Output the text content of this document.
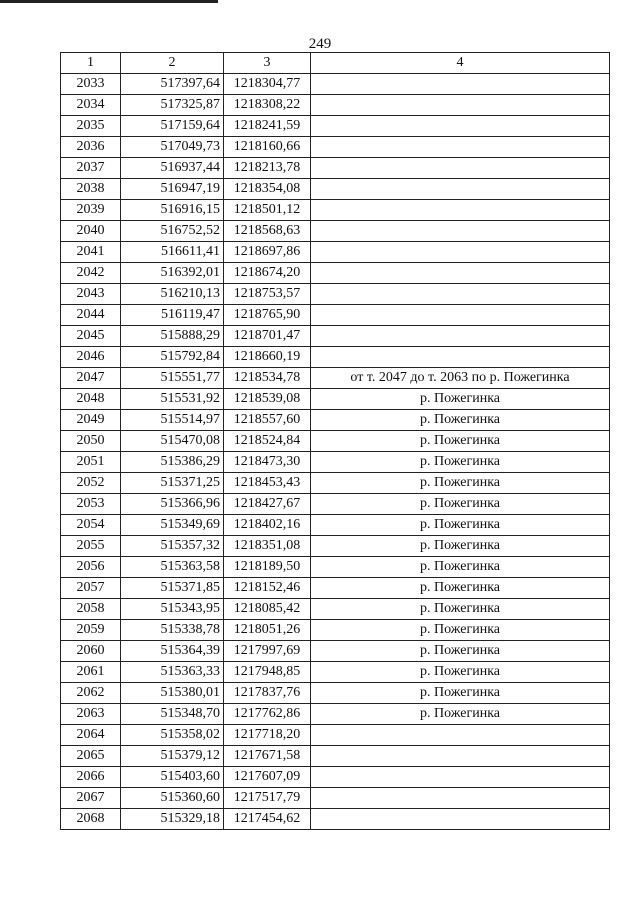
249
1	2	3	4
2033	517397,64	1218304,77	
2034	517325,87	1218308,22	
2035	517159,64	1218241,59	
2036	517049,73	1218160,66	
2037	516937,44	1218213,78	
2038	516947,19	1218354,08	
2039	516916,15	1218501,12	
2040	516752,52	1218568,63	
2041	516611,41	1218697,86	
2042	516392,01	1218674,20	
2043	516210,13	1218753,57	
2044	516119,47	1218765,90	
2045	515888,29	1218701,47	
2046	515792,84	1218660,19	
2047	515551,77	1218534,78	от т. 2047 до т. 2063 по р. Пожегинка
2048	515531,92	1218539,08	р. Пожегинка
2049	515514,97	1218557,60	р. Пожегинка
2050	515470,08	1218524,84	р. Пожегинка
2051	515386,29	1218473,30	р. Пожегинка
2052	515371,25	1218453,43	р. Пожегинка
2053	515366,96	1218427,67	р. Пожегинка
2054	515349,69	1218402,16	р. Пожегинка
2055	515357,32	1218351,08	р. Пожегинка
2056	515363,58	1218189,50	р. Пожегинка
2057	515371,85	1218152,46	р. Пожегинка
2058	515343,95	1218085,42	р. Пожегинка
2059	515338,78	1218051,26	р. Пожегинка
2060	515364,39	1217997,69	р. Пожегинка
2061	515363,33	1217948,85	р. Пожегинка
2062	515380,01	1217837,76	р. Пожегинка
2063	515348,70	1217762,86	р. Пожегинка
2064	515358,02	1217718,20	
2065	515379,12	1217671,58	
2066	515403,60	1217607,09	
2067	515360,60	1217517,79	
2068	515329,18	1217454,62	
